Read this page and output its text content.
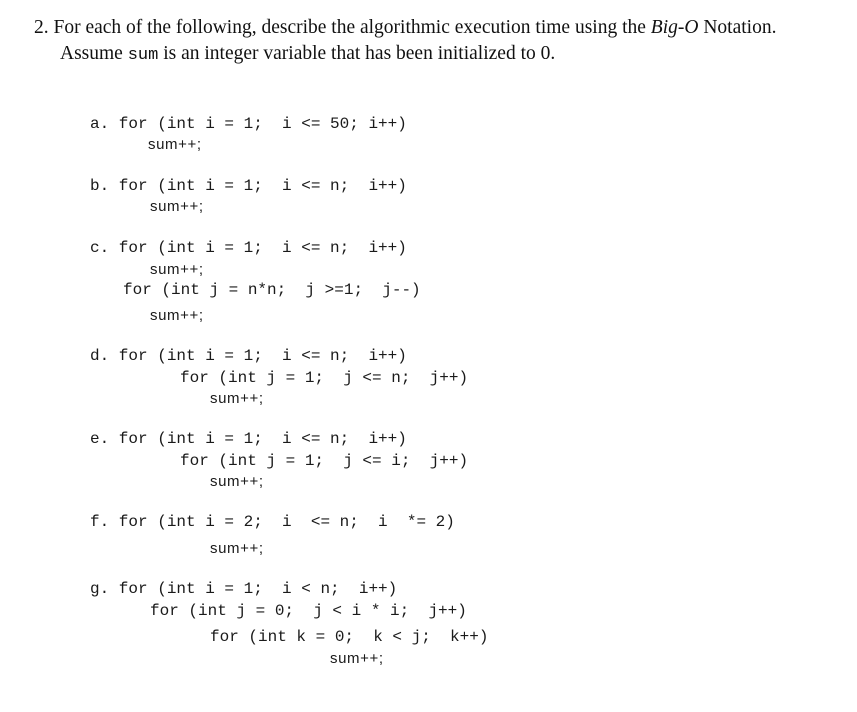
2. For each of the following, describe the algorithmic execution time using the Big-O Notation.
Assume sum is an integer variable that has been initialized to 0.
a. for (int i = 1;  i <= 50; i++)
sum++;
b. for (int i = 1;  i <= n;  i++)
sum++;
c. for (int i = 1;  i <= n;  i++)
sum++;
for (int j = n*n;  j >=1;  j--)
sum++;
d. for (int i = 1;  i <= n;  i++)
for (int j = 1;  j <= n;  j++)
sum++;
e. for (int i = 1;  i <= n;  i++)
for (int j = 1;  j <= i;  j++)
sum++;
f. for (int i = 2;  i  <= n;  i  *= 2)
sum++;
g. for (int i = 1;  i < n;  i++)
for (int j = 0;  j < i * i;  j++)
for (int k = 0;  k < j;  k++)
sum++;
